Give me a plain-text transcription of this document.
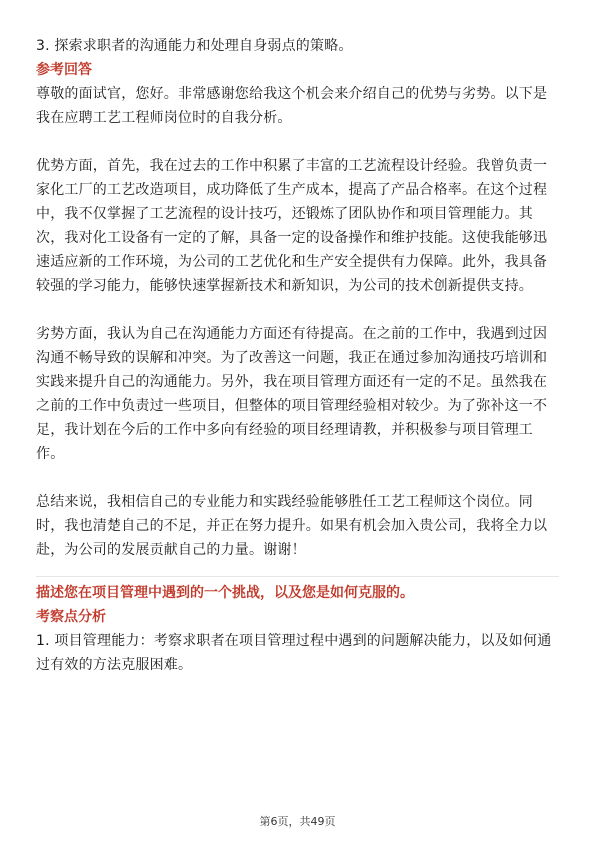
3. 探索求职者的沟通能力和处理自身弱点的策略。
参考回答
尊敬的面试官，您好。非常感谢您给我这个机会来介绍自己的优势与劣势。以下是
我在应聘工艺工程师岗位时的自我分析。
优势方面，首先，我在过去的工作中积累了丰富的工艺流程设计经验。我曾负责一
家化工厂的工艺改造项目，成功降低了生产成本，提高了产品合格率。在这个过程
中，我不仅掌握了工艺流程的设计技巧，还锻炼了团队协作和项目管理能力。其
次，我对化工设备有一定的了解，具备一定的设备操作和维护技能。这使我能够迅
速适应新的工作环境，为公司的工艺优化和生产安全提供有力保障。此外，我具备
较强的学习能力，能够快速掌握新技术和新知识，为公司的技术创新提供支持。
劣势方面，我认为自己在沟通能力方面还有待提高。在之前的工作中，我遇到过因
沟通不畅导致的误解和冲突。为了改善这一问题，我正在通过参加沟通技巧培训和
实践来提升自己的沟通能力。另外，我在项目管理方面还有一定的不足。虽然我在
之前的工作中负责过一些项目，但整体的项目管理经验相对较少。为了弥补这一不
足，我计划在今后的工作中多向有经验的项目经理请教，并积极参与项目管理工
作。
总结来说，我相信自己的专业能力和实践经验能够胜任工艺工程师这个岗位。同
时，我也清楚自己的不足，并正在努力提升。如果有机会加入贵公司，我将全力以
赴，为公司的发展贡献自己的力量。谢谢！
描述您在项目管理中遇到的一个挑战，以及您是如何克服的。
考察点分析
1. 项目管理能力：考察求职者在项目管理过程中遇到的问题解决能力，以及如何通
过有效的方法克服困难。
第6页，共49页
